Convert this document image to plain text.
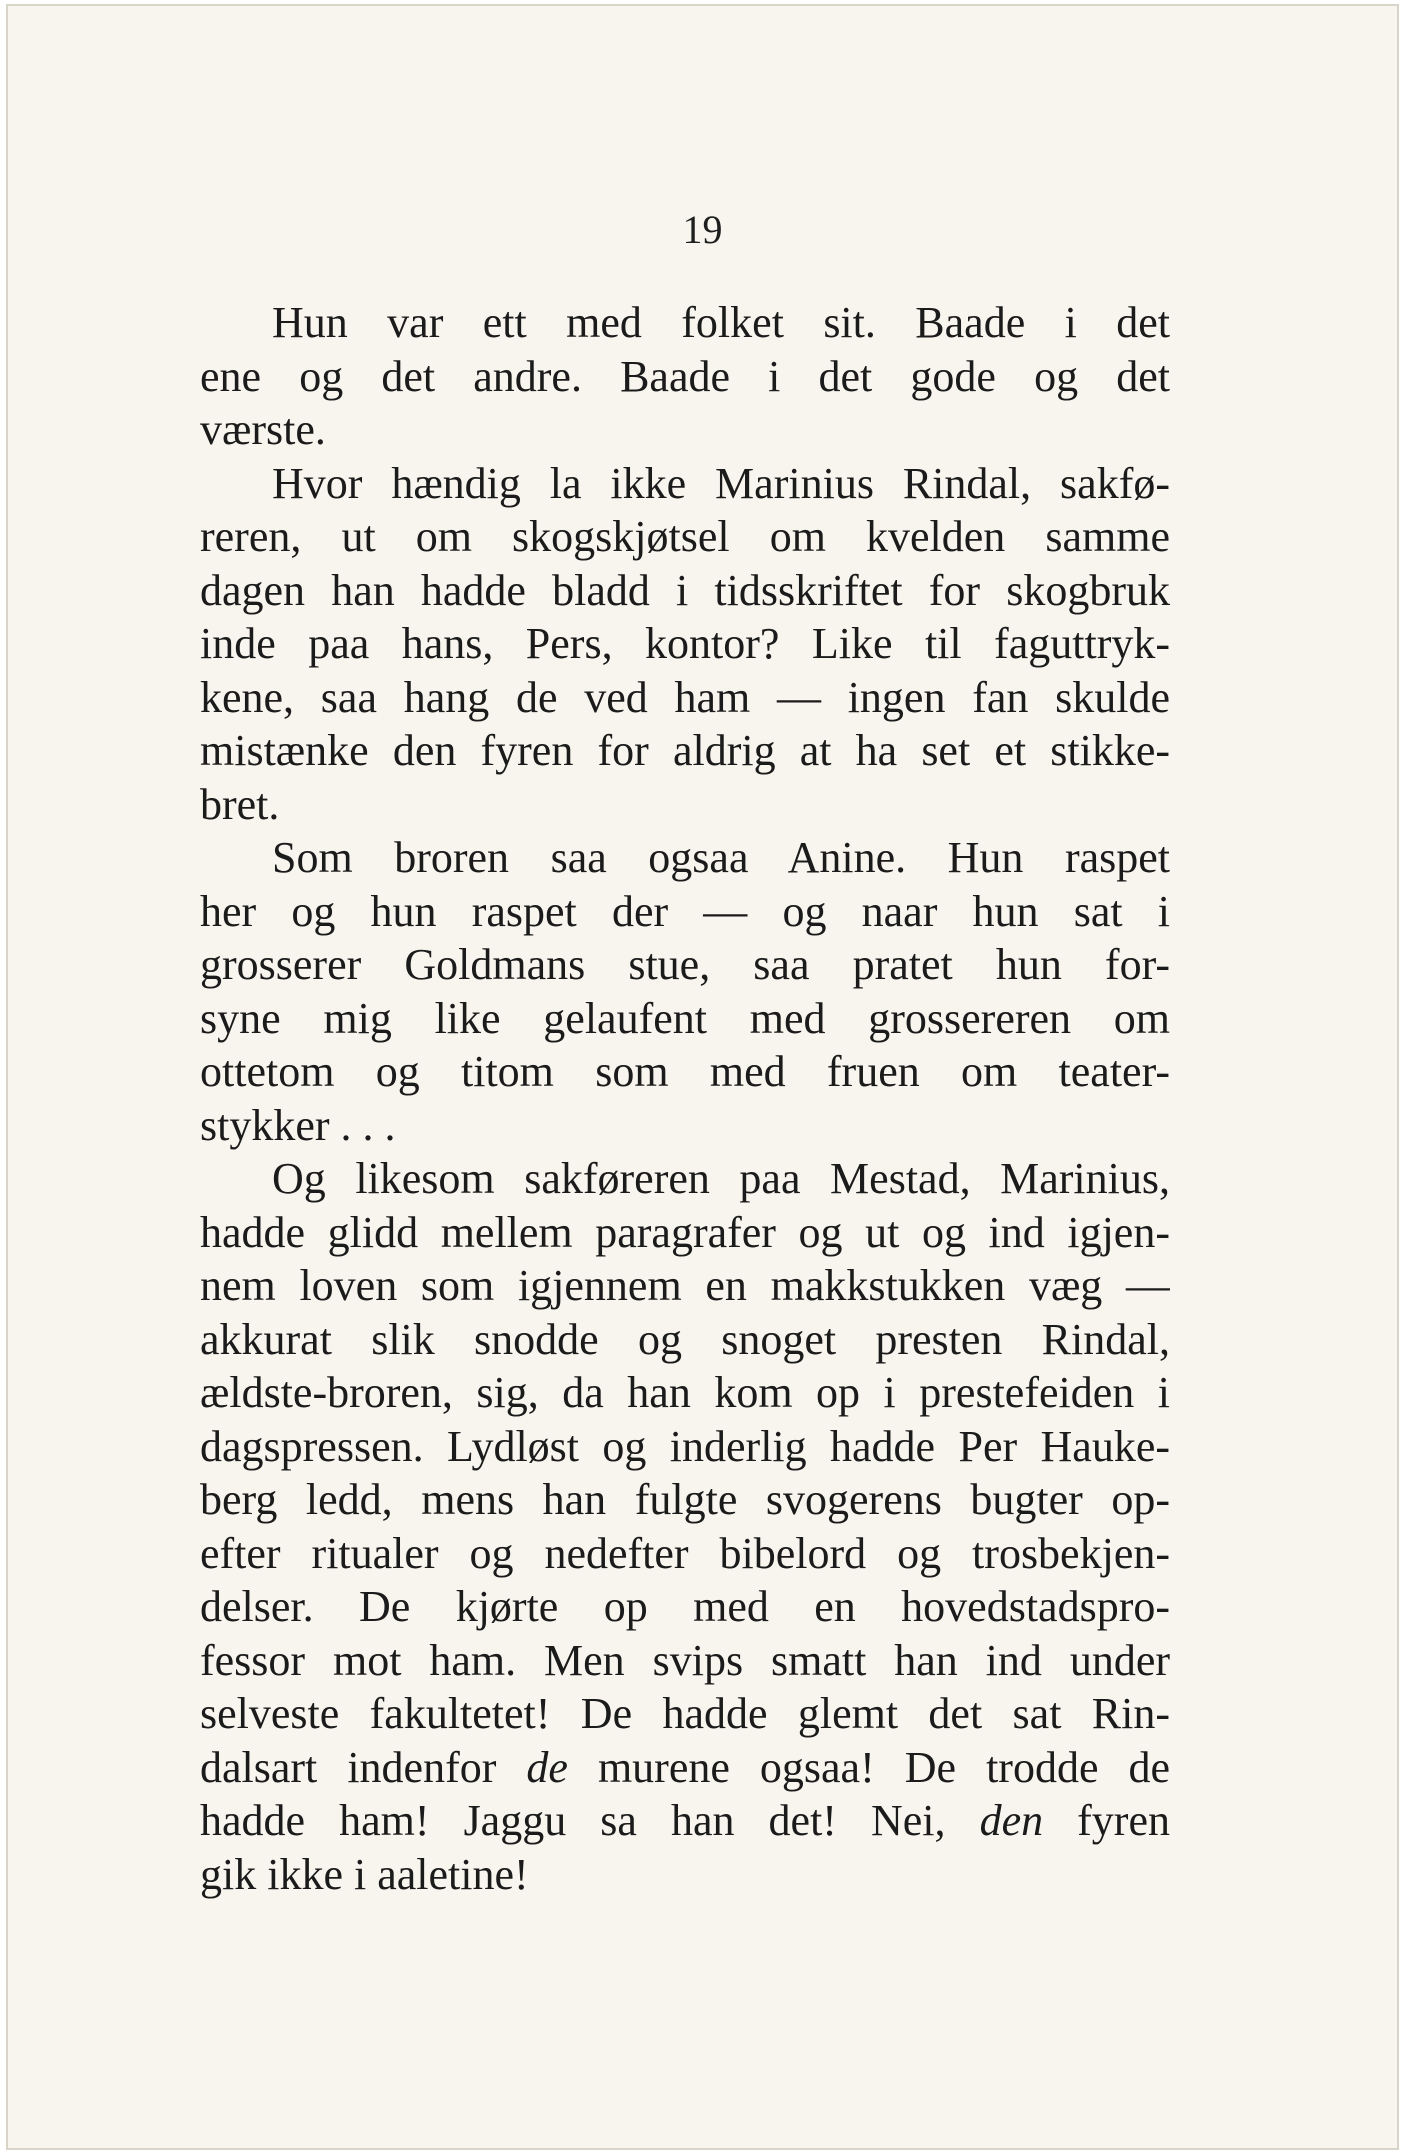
19
Hun var ett med folket sit. Baade i det
ene og det andre. Baade i det gode og det
værste.
Hvor hændig la ikke Marinius Rindal, sakfø-
reren, ut om skogskjøtsel om kvelden samme
dagen han hadde bladd i tidsskriftet for skogbruk
inde paa hans, Pers, kontor? Like til faguttryk-
kene, saa hang de ved ham — ingen fan skulde
mistænke den fyren for aldrig at ha set et stikke-
bret.
Som broren saa ogsaa Anine. Hun raspet
her og hun raspet der — og naar hun sat i
grosserer Goldmans stue, saa pratet hun for-
syne mig like gelaufent med grossereren om
ottetom og titom som med fruen om teater-
stykker . . .
Og likesom sakføreren paa Mestad, Marinius,
hadde glidd mellem paragrafer og ut og ind igjen-
nem loven som igjennem en makkstukken væg —
akkurat slik snodde og snoget presten Rindal,
ældste-broren, sig, da han kom op i prestefeiden i
dagspressen. Lydløst og inderlig hadde Per Hauke-
berg ledd, mens han fulgte svogerens bugter op-
efter ritualer og nedefter bibelord og trosbekjen-
delser. De kjørte op med en hovedstadspro-
fessor mot ham. Men svips smatt han ind under
selveste fakultetet! De hadde glemt det sat Rin-
dalsart indenfor de murene ogsaa! De trodde de
hadde ham! Jaggu sa han det! Nei, den fyren
gik ikke i aaletine!
